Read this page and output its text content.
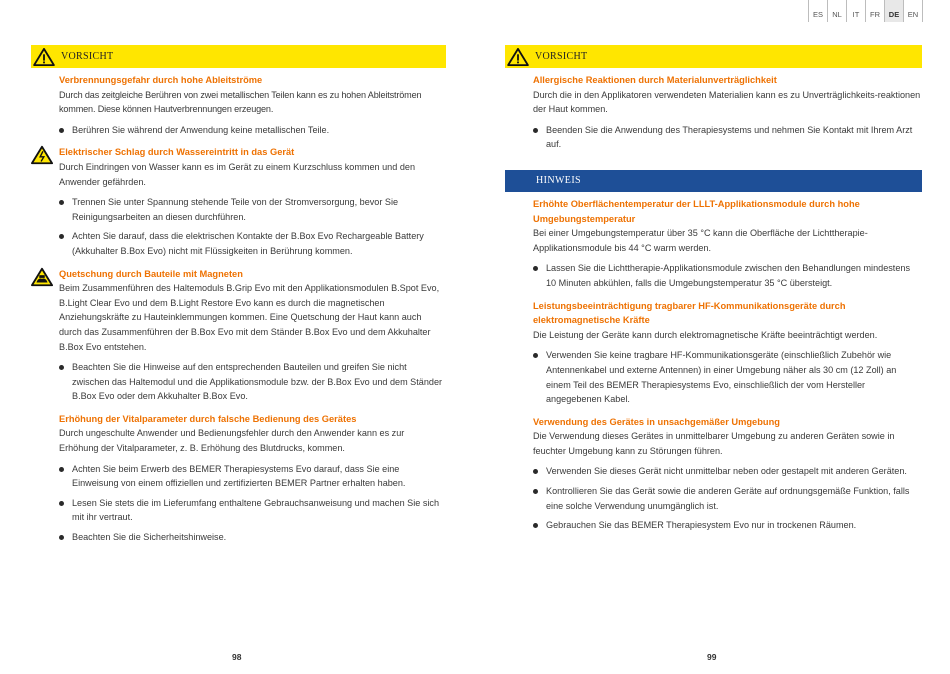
ES	NL	IT	FR	DE	EN
VORSICHT
Verbrennungsgefahr durch hohe Ableitströme
Durch das zeitgleiche Berühren von zwei metallischen Teilen kann es zu hohen Ableitströmen kommen. Diese können Hautverbrennungen erzeugen.
Berühren Sie während der Anwendung keine metallischen Teile.
Elektrischer Schlag durch Wassereintritt in das Gerät
Durch Eindringen von Wasser kann es im Gerät zu einem Kurzschluss kommen und den Anwender gefährden.
Trennen Sie unter Spannung stehende Teile von der Stromversorgung, bevor Sie Reinigungsarbeiten an diesen durchführen.
Achten Sie darauf, dass die elektrischen Kontakte der B.Box Evo Rechargeable Battery (Akkuhalter B.Box Evo) nicht mit Flüssigkeiten in Berührung kommen.
Quetschung durch Bauteile mit Magneten
Beim Zusammenführen des Haltemoduls B.Grip Evo mit den Applikationsmodulen B.Spot Evo, B.Light Clear Evo und dem B.Light Restore Evo kann es durch die magnetischen Anziehungskräfte zu Hauteinklemmungen kommen. Eine Quetschung der Haut kann auch durch das Zusammenführen der B.Box Evo mit dem Ständer B.Box Evo und dem Akkuhalter B.Box Evo entstehen.
Beachten Sie die Hinweise auf den entsprechenden Bauteilen und greifen Sie nicht zwischen das Haltemodul und die Applikationsmodule bzw. der B.Box Evo und dem Ständer B.Box Evo oder dem Akkuhalter B.Box Evo.
Erhöhung der Vitalparameter durch falsche Bedienung des Gerätes
Durch ungeschulte Anwender und Bedienungsfehler durch den Anwender kann es zur Erhöhung der Vitalparameter, z. B. Erhöhung des Blutdrucks, kommen.
Achten Sie beim Erwerb des BEMER Therapiesystems Evo darauf, dass Sie eine Einweisung von einem offiziellen und zertifizierten BEMER Partner erhalten haben.
Lesen Sie stets die im Lieferumfang enthaltene Gebrauchsanweisung und machen Sie sich mit ihr vertraut.
Beachten Sie die Sicherheitshinweise.
98
VORSICHT
Allergische Reaktionen durch Materialunverträglichkeit
Durch die in den Applikatoren verwendeten Materialien kann es zu Unverträglichkeits-reaktionen der Haut kommen.
Beenden Sie die Anwendung des Therapiesystems und nehmen Sie Kontakt mit Ihrem Arzt auf.
HINWEIS
Erhöhte Oberflächentemperatur der LLLT-Applikationsmodule durch hohe Umgebungstemperatur
Bei einer Umgebungstemperatur über 35 °C kann die Oberfläche der Lichttherapie-Applikationsmodule bis 44 °C warm werden.
Lassen Sie die Lichttherapie-Applikationsmodule zwischen den Behandlungen mindestens 10 Minuten abkühlen, falls die Umgebungstemperatur 35 °C übersteigt.
Leistungsbeeinträchtigung tragbarer HF-Kommunikationsgeräte durch elektromagnetische Kräfte
Die Leistung der Geräte kann durch elektromagnetische Kräfte beeinträchtigt werden.
Verwenden Sie keine tragbare HF-Kommunikationsgeräte (einschließlich Zubehör wie Antennenkabel und externe Antennen) in einer Umgebung näher als 30 cm (12 Zoll) an einem Teil des BEMER Therapiesystems Evo, einschließlich der vom Hersteller angegebenen Kabel.
Verwendung des Gerätes in unsachgemäßer Umgebung
Die Verwendung dieses Gerätes in unmittelbarer Umgebung zu anderen Geräten sowie in feuchter Umgebung kann zu Störungen führen.
Verwenden Sie dieses Gerät nicht unmittelbar neben oder gestapelt mit anderen Geräten.
Kontrollieren Sie das Gerät sowie die anderen Geräte auf ordnungsgemäße Funktion, falls eine solche Verwendung unumgänglich ist.
Gebrauchen Sie das BEMER Therapiesystem Evo nur in trockenen Räumen.
99
